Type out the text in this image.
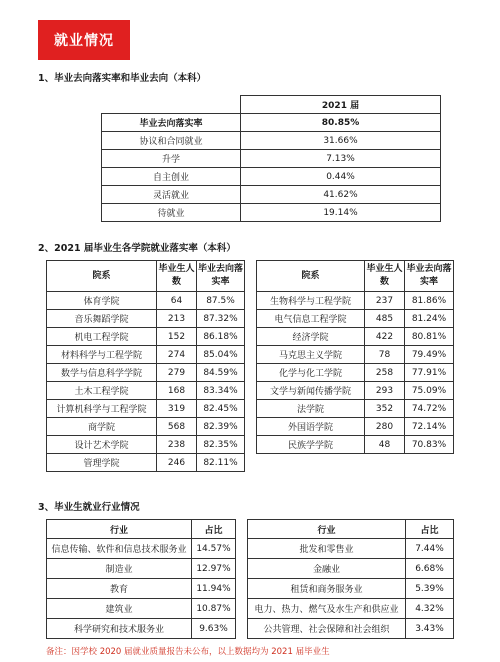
就业情况
1、毕业去向落实率和毕业去向（本科）
	2021 届
毕业去向落实率	80.85%
协议和合同就业	31.66%
升学	7.13%
自主创业	0.44%
灵活就业	41.62%
待就业	19.14%
2、2021 届毕业生各学院就业落实率（本科）
院系	毕业生人数	毕业去向落实率
体育学院	64	87.5%
音乐舞蹈学院	213	87.32%
机电工程学院	152	86.18%
材料科学与工程学院	274	85.04%
数学与信息科学学院	279	84.59%
土木工程学院	168	83.34%
计算机科学与工程学院	319	82.45%
商学院	568	82.39%
设计艺术学院	238	82.35%
管理学院	246	82.11%
院系	毕业生人数	毕业去向落实率
生物科学与工程学院	237	81.86%
电气信息工程学院	485	81.24%
经济学院	422	80.81%
马克思主义学院	78	79.49%
化学与化工学院	258	77.91%
文学与新闻传播学院	293	75.09%
法学院	352	74.72%
外国语学院	280	72.14%
民族学学院	48	70.83%
3、毕业生就业行业情况
行业	占比
信息传输、软件和信息技术服务业	14.57%
制造业	12.97%
教育	11.94%
建筑业	10.87%
科学研究和技术服务业	9.63%
行业	占比
批发和零售业	7.44%
金融业	6.68%
租赁和商务服务业	5.39%
电力、热力、燃气及水生产和供应业	4.32%
公共管理、社会保障和社会组织	3.43%
备注：因学校 2020 届就业质量报告未公布，以上数据均为 2021 届毕业生
